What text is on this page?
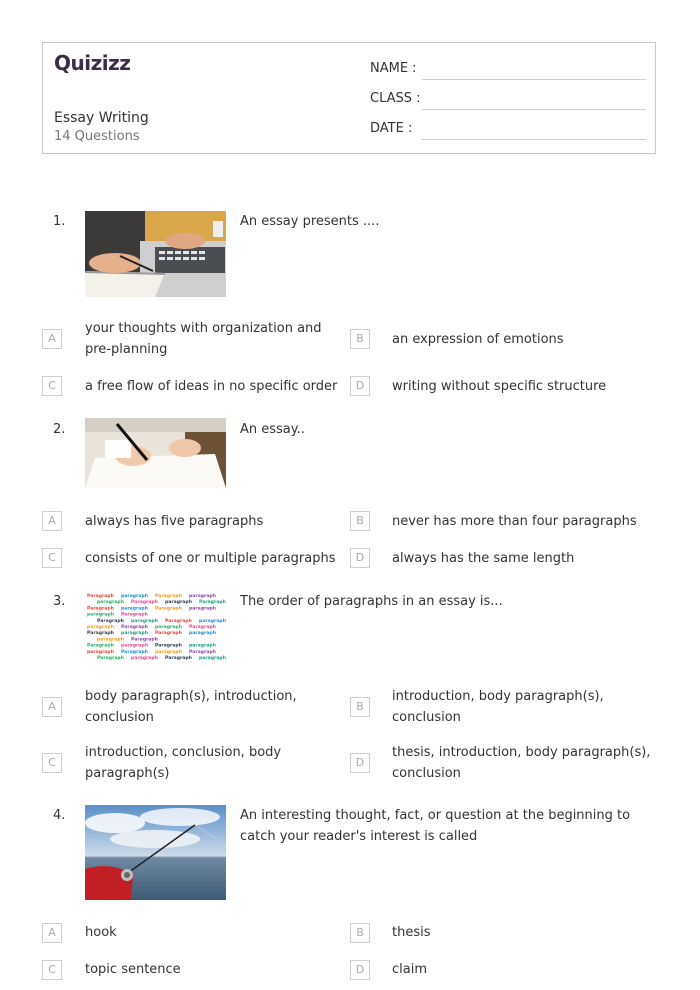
Quizizz
Essay Writing
14 Questions
NAME :
CLASS :
DATE :
1.	An essay presents ....
A
your thoughts with organization and pre-planning
B	an expression of emotions
C	a free flow of ideas in no specific order	D	writing without specific structure
2.	An essay..
A	always has five paragraphs	B	never has more than four paragraphs
C	consists of one or multiple paragraphs	D	always has the same length
3.	Paragraph paragraph Paragraph paragraph
paragraph Paragraph paragraph Paragraph
Paragraph paragraph Paragraph paragraph
paragraph Paragraph
Paragraph paragraph Paragraph paragraph
paragraph Paragraph paragraph Paragraph
Paragraph paragraph Paragraph paragraph
paragraph Paragraph
Paragraph paragraph Paragraph paragraph
paragraph Paragraph paragraph Paragraph
Paragraph paragraph Paragraph paragraph
The order of paragraphs in an essay is...
A
body paragraph(s), introduction, conclusion
B
introduction, body paragraph(s), conclusion
C
introduction, conclusion, body paragraph(s)
D
thesis, introduction, body paragraph(s), conclusion
4.	An interesting thought, fact, or question at the beginning to catch your reader's interest is called
A	hook	B	thesis
C	topic sentence	D	claim
